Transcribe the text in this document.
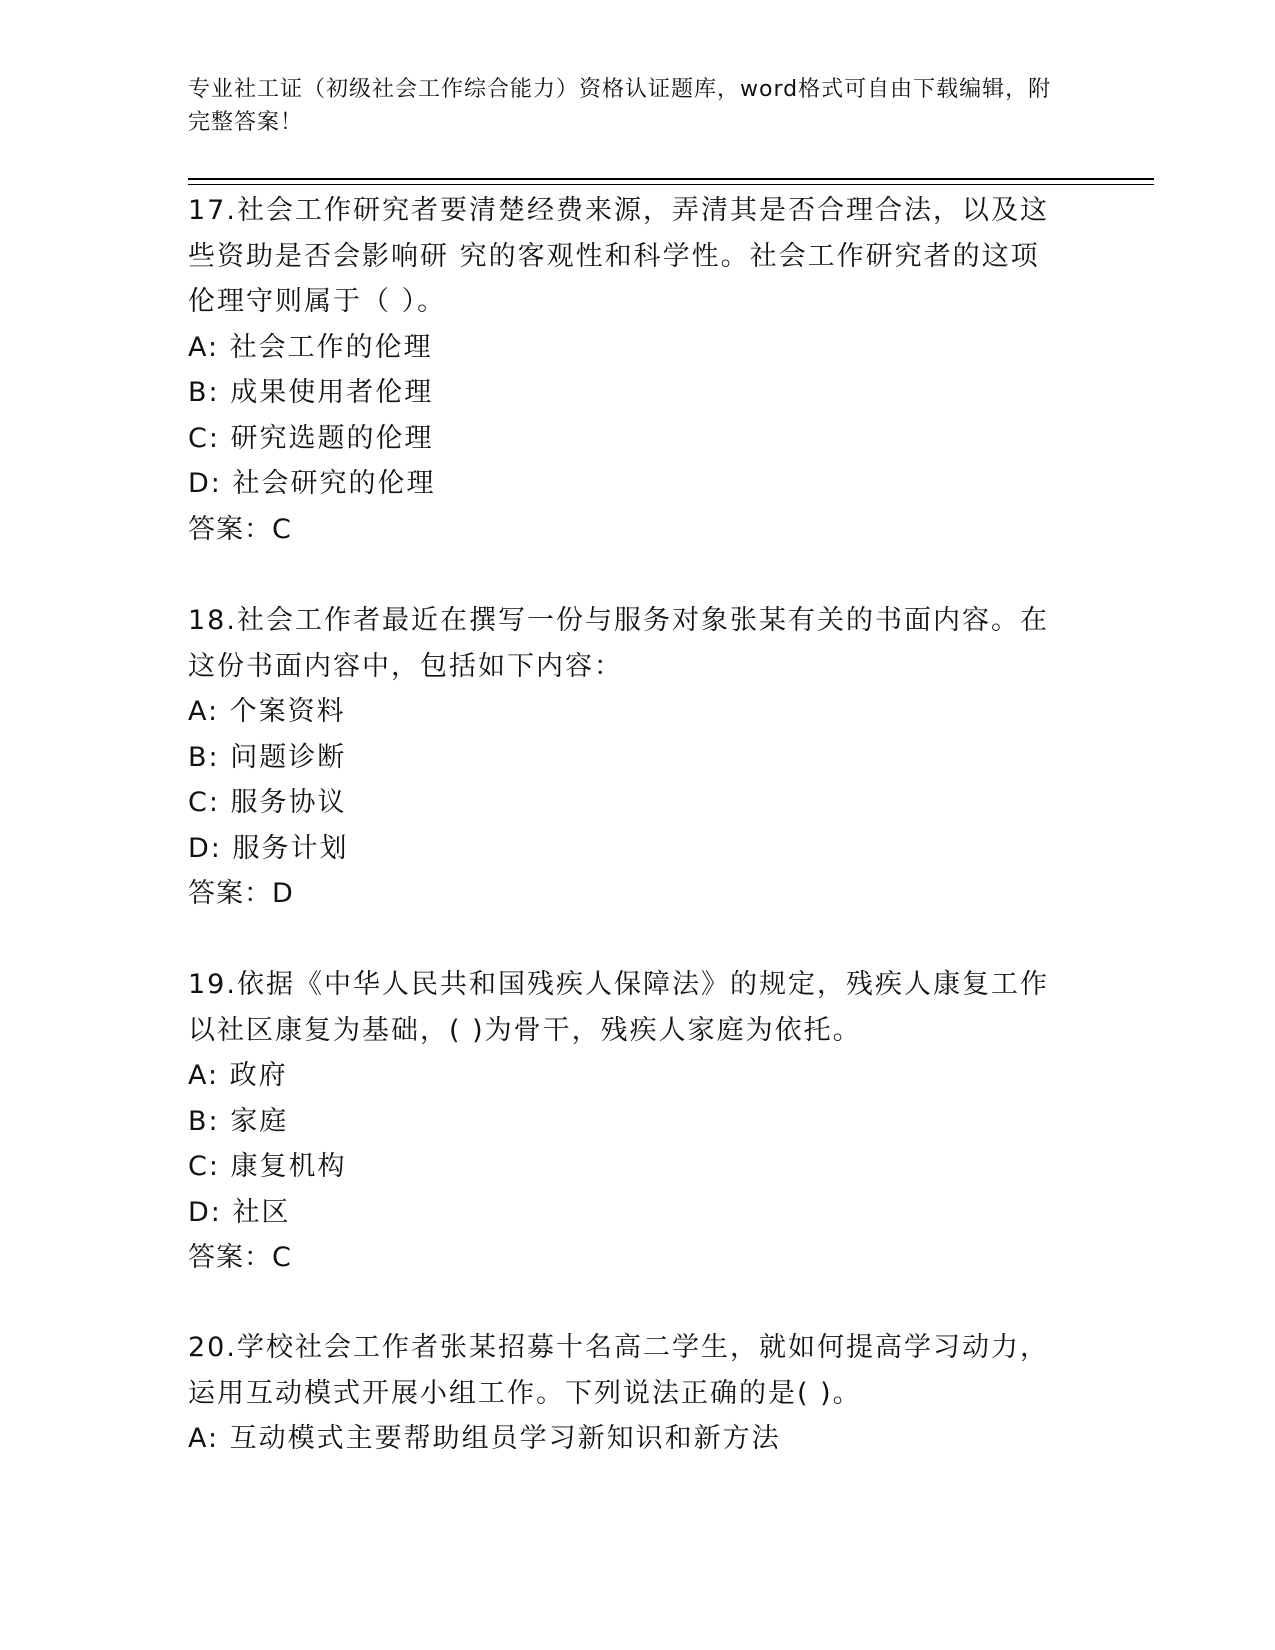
专业社工证（初级社会工作综合能力）资格认证题库，word格式可自由下载编辑，附完整答案！
17.社会工作研究者要清楚经费来源，弄清其是否合理合法，以及这些资助是否会影响研 究的客观性和科学性。社会工作研究者的这项伦理守则属于（ ）。
A: 社会工作的伦理
B: 成果使用者伦理
C: 研究选题的伦理
D: 社会研究的伦理
答案：C
18.社会工作者最近在撰写一份与服务对象张某有关的书面内容。在这份书面内容中，包括如下内容：
A: 个案资料
B: 问题诊断
C: 服务协议
D: 服务计划
答案：D
19.依据《中华人民共和国残疾人保障法》的规定，残疾人康复工作以社区康复为基础，( )为骨干，残疾人家庭为依托。
A: 政府
B: 家庭
C: 康复机构
D: 社区
答案：C
20.学校社会工作者张某招募十名高二学生，就如何提高学习动力，运用互动模式开展小组工作。下列说法正确的是( )。
A: 互动模式主要帮助组员学习新知识和新方法
